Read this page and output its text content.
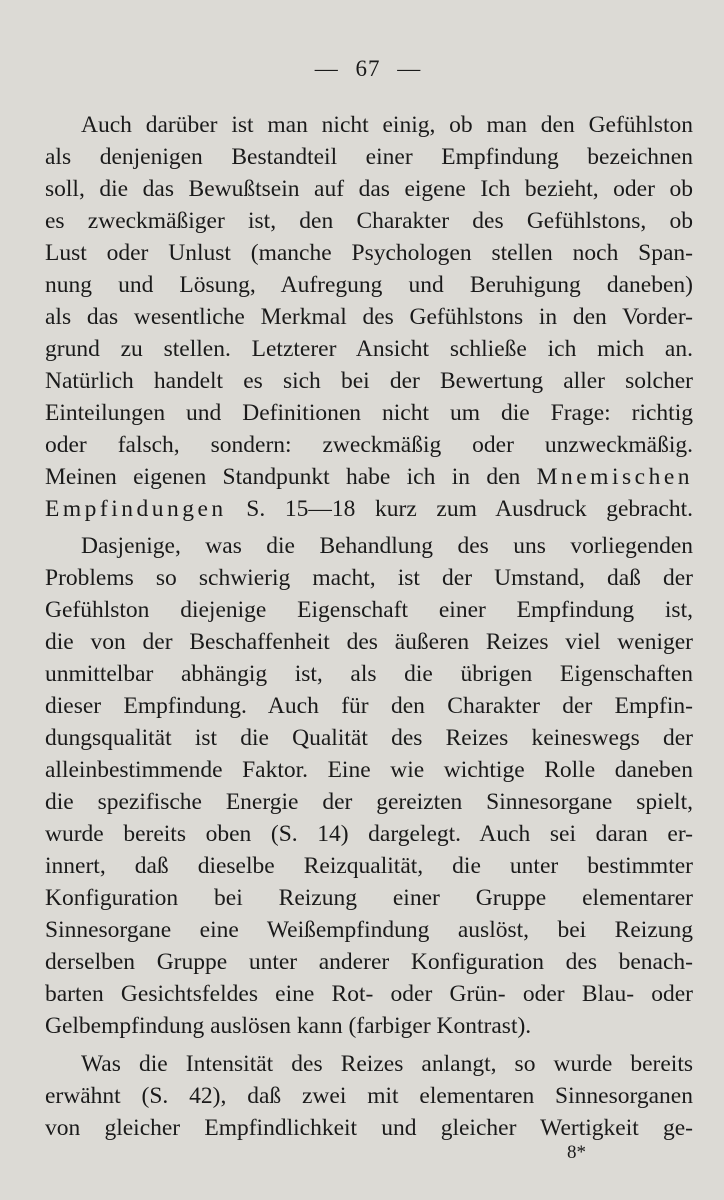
— 67 —
Auch darüber ist man nicht einig, ob man den Gefühlston
als denjenigen Bestandteil einer Empfindung bezeichnen
soll, die das Bewußtsein auf das eigene Ich bezieht, oder ob
es zweckmäßiger ist, den Charakter des Gefühlstons, ob
Lust oder Unlust (manche Psychologen stellen noch Span-
nung und Lösung, Aufregung und Beruhigung daneben)
als das wesentliche Merkmal des Gefühlstons in den Vorder-
grund zu stellen. Letzterer Ansicht schließe ich mich an.
Natürlich handelt es sich bei der Bewertung aller solcher
Einteilungen und Definitionen nicht um die Frage: richtig
oder falsch, sondern: zweckmäßig oder unzweckmäßig.
Meinen eigenen Standpunkt habe ich in den Mnemischen
Empfindungen S. 15—18 kurz zum Ausdruck gebracht.
Dasjenige, was die Behandlung des uns vorliegenden
Problems so schwierig macht, ist der Umstand, daß der
Gefühlston diejenige Eigenschaft einer Empfindung ist,
die von der Beschaffenheit des äußeren Reizes viel weniger
unmittelbar abhängig ist, als die übrigen Eigenschaften
dieser Empfindung. Auch für den Charakter der Empfin-
dungsqualität ist die Qualität des Reizes keineswegs der
alleinbestimmende Faktor. Eine wie wichtige Rolle daneben
die spezifische Energie der gereizten Sinnesorgane spielt,
wurde bereits oben (S. 14) dargelegt. Auch sei daran er-
innert, daß dieselbe Reizqualität, die unter bestimmter
Konfiguration bei Reizung einer Gruppe elementarer
Sinnesorgane eine Weißempfindung auslöst, bei Reizung
derselben Gruppe unter anderer Konfiguration des benach-
barten Gesichtsfeldes eine Rot- oder Grün- oder Blau- oder
Gelbempfindung auslösen kann (farbiger Kontrast).
Was die Intensität des Reizes anlangt, so wurde bereits
erwähnt (S. 42), daß zwei mit elementaren Sinnesorganen
von gleicher Empfindlichkeit und gleicher Wertigkeit ge-
8*
